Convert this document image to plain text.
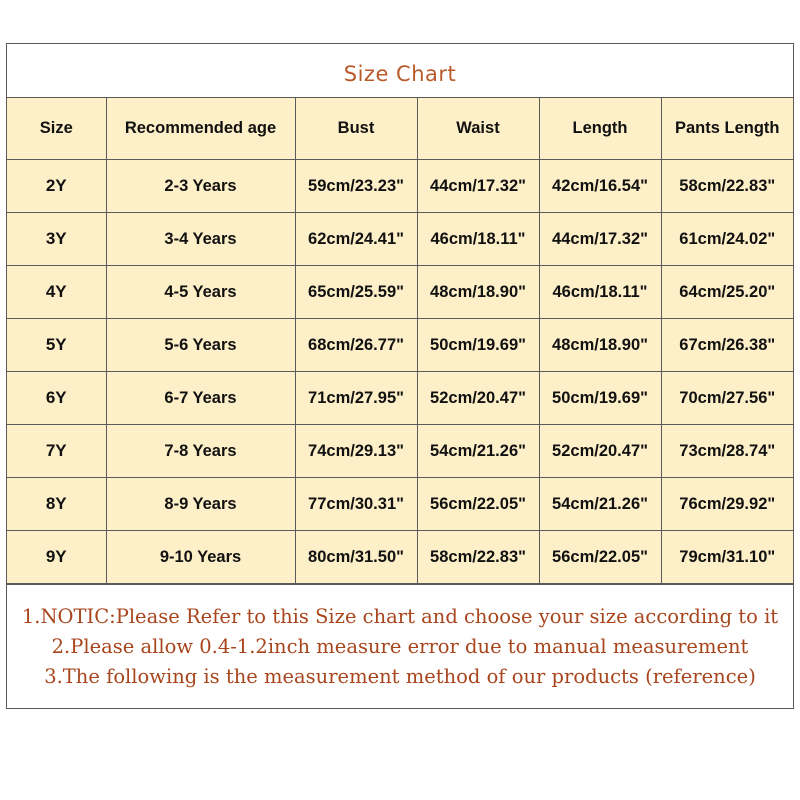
Size Chart
Size	Recommended age	Bust	Waist	Length	Pants Length
2Y	2-3 Years	59cm/23.23"	44cm/17.32"	42cm/16.54"	58cm/22.83"
3Y	3-4 Years	62cm/24.41"	46cm/18.11"	44cm/17.32"	61cm/24.02"
4Y	4-5 Years	65cm/25.59"	48cm/18.90"	46cm/18.11"	64cm/25.20"
5Y	5-6 Years	68cm/26.77"	50cm/19.69"	48cm/18.90"	67cm/26.38"
6Y	6-7 Years	71cm/27.95"	52cm/20.47"	50cm/19.69"	70cm/27.56"
7Y	7-8 Years	74cm/29.13"	54cm/21.26"	52cm/20.47"	73cm/28.74"
8Y	8-9 Years	77cm/30.31"	56cm/22.05"	54cm/21.26"	76cm/29.92"
9Y	9-10 Years	80cm/31.50"	58cm/22.83"	56cm/22.05"	79cm/31.10"
1.NOTIC:Please Refer to this Size chart and choose your size according to it
2.Please allow 0.4-1.2inch measure error due to manual measurement
3.The following is the measurement method of our products (reference)
